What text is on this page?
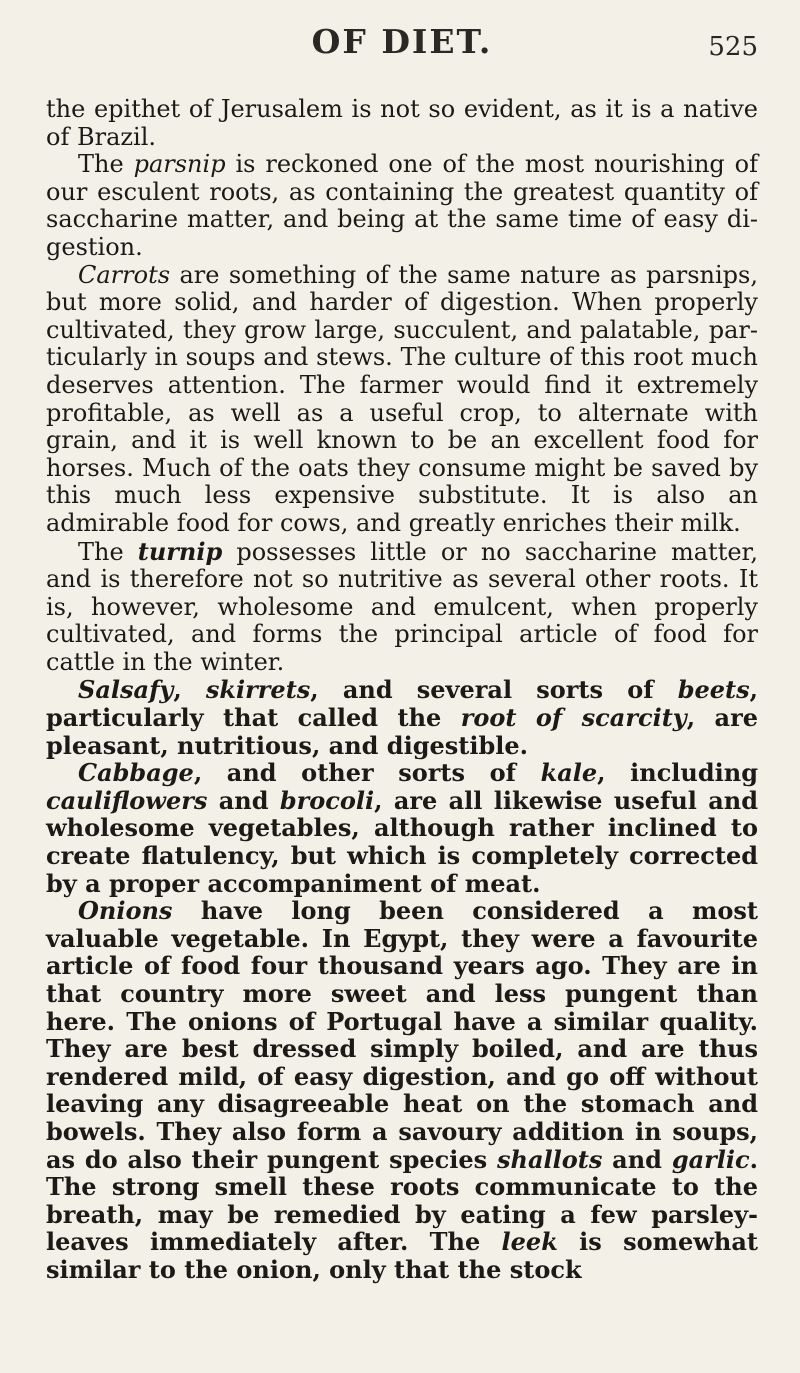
OF DIET.	525

the epithet of Jerusalem is not so evident, as it is a native of Brazil.

The parsnip is reckoned one of the most nourishing of our esculent roots, as containing the greatest quantity of saccharine matter, and being at the same time of easy digestion.

Carrots are something of the same nature as parsnips, but more solid, and harder of digestion. When properly cultivated, they grow large, succulent, and palatable, particularly in soups and stews. The culture of this root much deserves attention. The farmer would find it extremely profitable, as well as a useful crop, to alternate with grain, and it is well known to be an excellent food for horses. Much of the oats they consume might be saved by this much less expensive substitute. It is also an admirable food for cows, and greatly enriches their milk.

The turnip possesses little or no saccharine matter, and is therefore not so nutritive as several other roots. It is, however, wholesome and emulcent, when properly cultivated, and forms the principal article of food for cattle in the winter.

Salsafy, skirrets, and several sorts of beets, particularly that called the root of scarcity, are pleasant, nutritious, and digestible.

Cabbage, and other sorts of kale, including cauliflowers and brocoli, are all likewise useful and wholesome vegetables, although rather inclined to create flatulency, but which is completely corrected by a proper accompaniment of meat.

Onions have long been considered a most valuable vegetable. In Egypt, they were a favourite article of food four thousand years ago. They are in that country more sweet and less pungent than here. The onions of Portugal have a similar quality. They are best dressed simply boiled, and are thus rendered mild, of easy digestion, and go off without leaving any disagreeable heat on the stomach and bowels. They also form a savoury addition in soups, as do also their pungent species shallots and garlic. The strong smell these roots communicate to the breath, may be remedied by eating a few parsley-leaves immediately after. The leek is somewhat similar to the onion, only that the stock
